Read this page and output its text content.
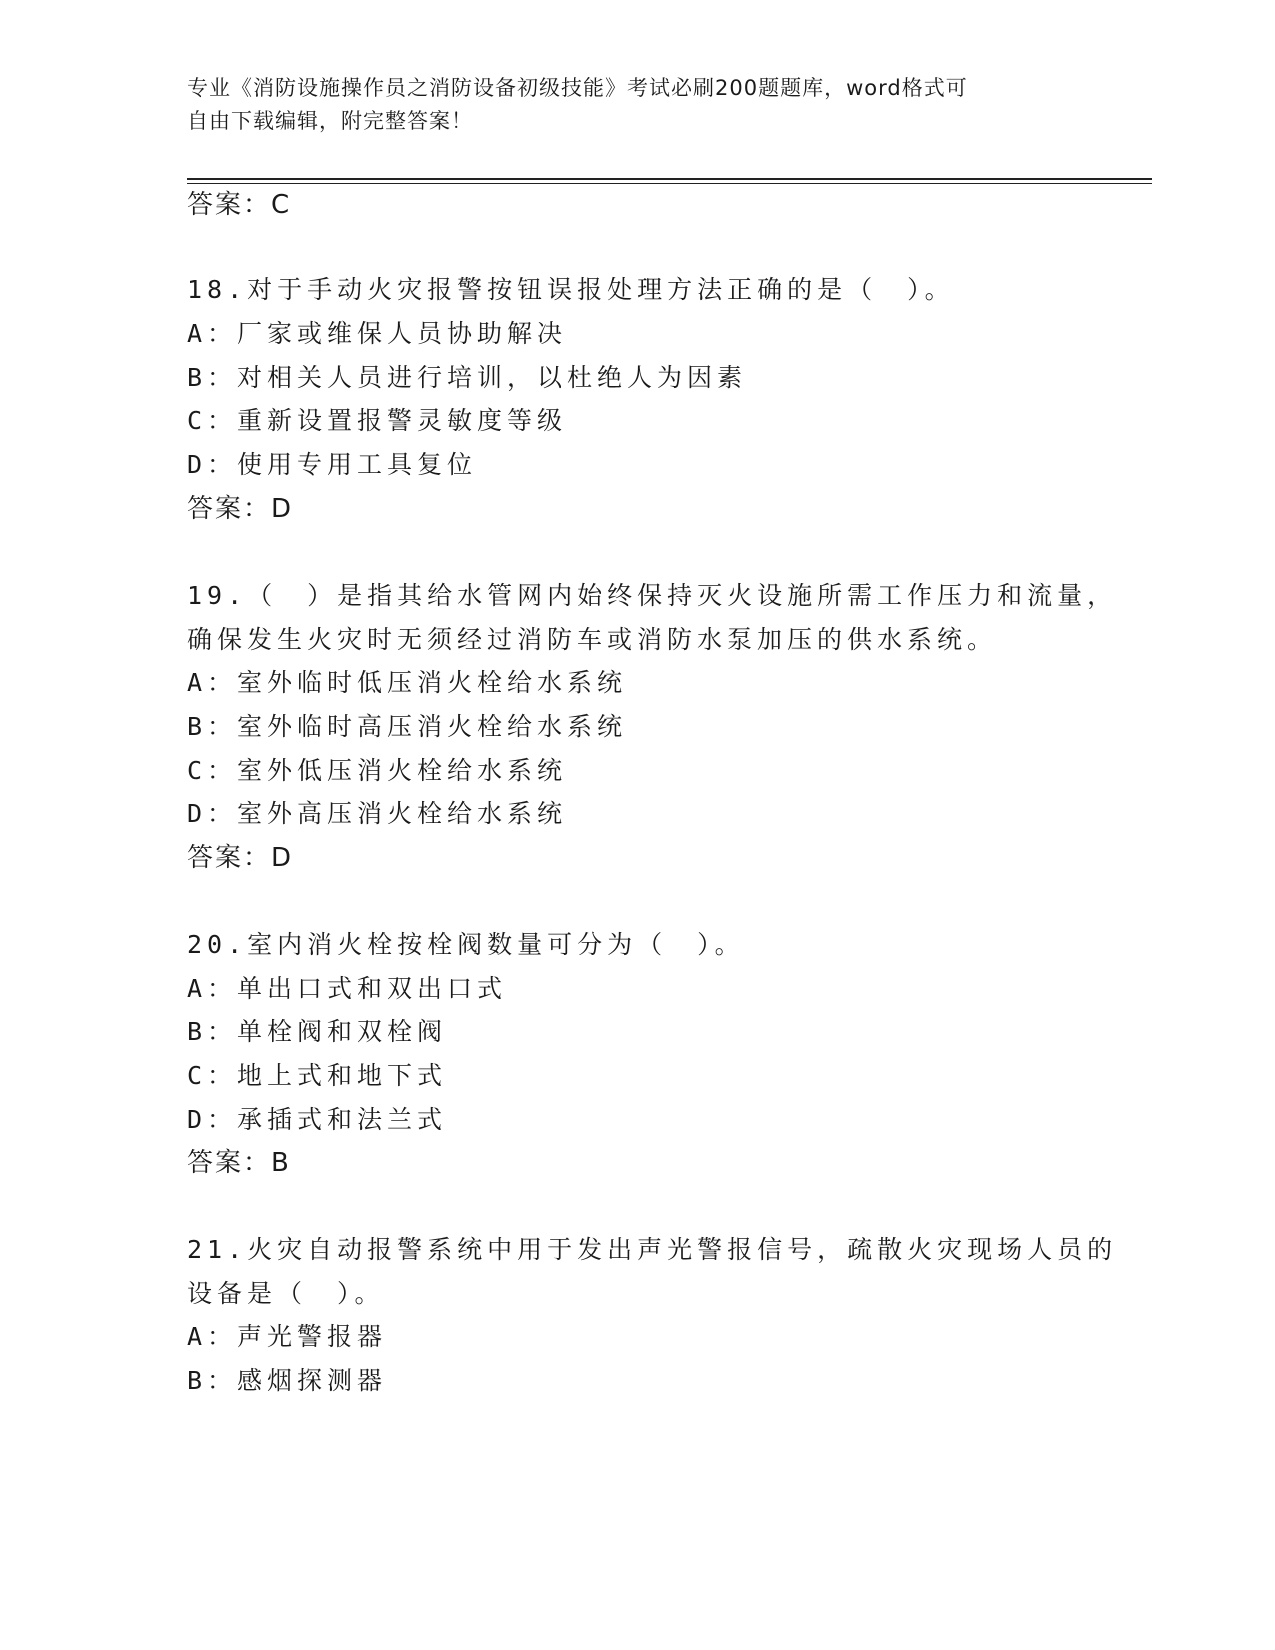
专业《消防设施操作员之消防设备初级技能》考试必刷200题题库，word格式可
自由下载编辑，附完整答案！
答案：C
18.对于手动火灾报警按钮误报处理方法正确的是（　）。
A：厂家或维保人员协助解决
B：对相关人员进行培训，以杜绝人为因素
C：重新设置报警灵敏度等级
D：使用专用工具复位
答案：D
19.（　）是指其给水管网内始终保持灭火设施所需工作压力和流量，
确保发生火灾时无须经过消防车或消防水泵加压的供水系统。
A：室外临时低压消火栓给水系统
B：室外临时高压消火栓给水系统
C：室外低压消火栓给水系统
D：室外高压消火栓给水系统
答案：D
20.室内消火栓按栓阀数量可分为（　）。
A：单出口式和双出口式
B：单栓阀和双栓阀
C：地上式和地下式
D：承插式和法兰式
答案：B
21.火灾自动报警系统中用于发出声光警报信号，疏散火灾现场人员的
设备是（　）。
A：声光警报器
B：感烟探测器
